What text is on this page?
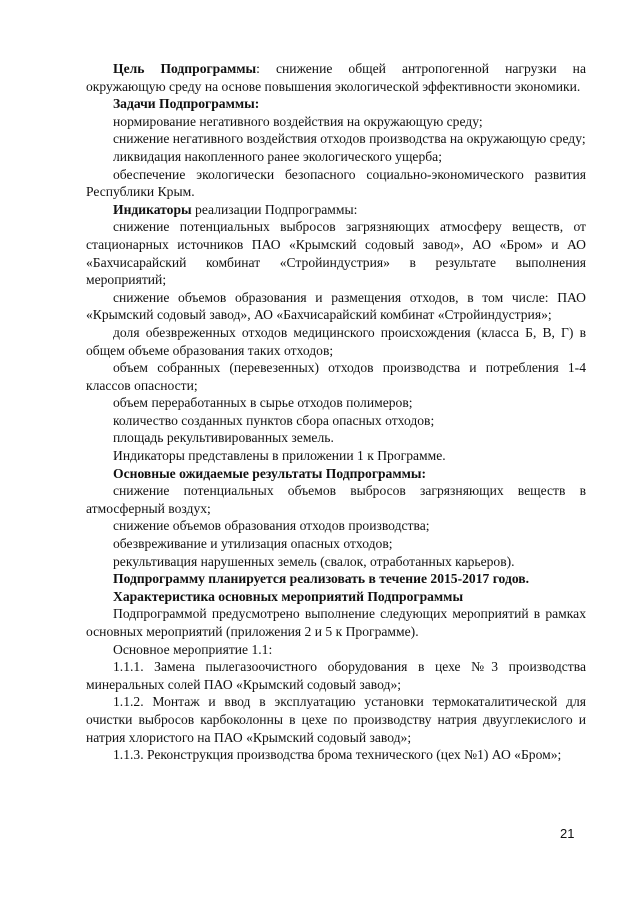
Цель Подпрограммы: снижение общей антропогенной нагрузки на окружающую среду на основе повышения экологической эффективности экономики.

Задачи Подпрограммы:

нормирование негативного воздействия на окружающую среду;

снижение негативного воздействия отходов производства на окружающую среду;

ликвидация накопленного ранее экологического ущерба;

обеспечение экологически безопасного социально-экономического развития Республики Крым.

Индикаторы реализации Подпрограммы:

снижение потенциальных выбросов загрязняющих атмосферу веществ, от стационарных источников ПАО «Крымский содовый завод», АО «Бром» и АО «Бахчисарайский комбинат «Стройиндустрия» в результате выполнения мероприятий;

снижение объемов образования и размещения отходов, в том числе: ПАО «Крымский содовый завод», АО «Бахчисарайский комбинат «Стройиндустрия»;

доля обезвреженных отходов медицинского происхождения (класса Б, В, Г) в общем объеме образования таких отходов;

объем собранных (перевезенных) отходов производства и потребления 1-4 классов опасности;

объем переработанных в сырье отходов полимеров;

количество созданных пунктов сбора опасных отходов;

площадь рекультивированных земель.

Индикаторы представлены в приложении 1 к Программе.

Основные ожидаемые результаты Подпрограммы:

снижение потенциальных объемов выбросов загрязняющих веществ в атмосферный воздух;

снижение объемов образования отходов производства;

обезвреживание и утилизация опасных отходов;

рекультивация нарушенных земель (свалок, отработанных карьеров).

Подпрограмму планируется реализовать в течение 2015-2017 годов.

Характеристика основных мероприятий Подпрограммы

Подпрограммой предусмотрено выполнение следующих мероприятий в рамках основных мероприятий (приложения 2 и 5 к Программе).

Основное мероприятие 1.1:

1.1.1. Замена пылегазоочистного оборудования в цехе №3 производства минеральных солей ПАО «Крымский содовый завод»;

1.1.2. Монтаж и ввод в эксплуатацию установки термокаталитической для очистки выбросов карбоколонны в цехе по производству натрия двууглекислого и натрия хлористого на ПАО «Крымский содовый завод»;

1.1.3. Реконструкция производства брома технического (цех №1) АО «Бром»;

21
